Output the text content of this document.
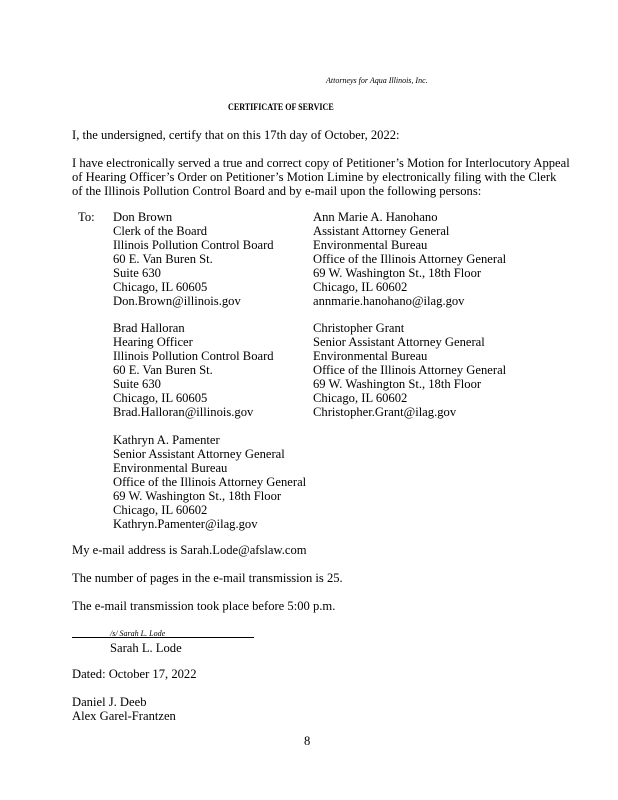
Attorneys for Aqua Illinois, Inc.
CERTIFICATE OF SERVICE
I, the undersigned, certify that on this 17th day of October, 2022:
I have electronically served a true and correct copy of Petitioner’s Motion for Interlocutory Appeal
of Hearing Officer’s Order on Petitioner’s Motion Limine by electronically filing with the Clerk
of the Illinois Pollution Control Board and by e-mail upon the following persons:
To: Don Brown
Clerk of the Board
Illinois Pollution Control Board
60 E. Van Buren St.
Suite 630
Chicago, IL 60605
Don.Brown@illinois.gov
Ann Marie A. Hanohano
Assistant Attorney General
Environmental Bureau
Office of the Illinois Attorney General
69 W. Washington St., 18th Floor
Chicago, IL 60602
annmarie.hanohano@ilag.gov
Brad Halloran
Hearing Officer
Illinois Pollution Control Board
60 E. Van Buren St.
Suite 630
Chicago, IL 60605
Brad.Halloran@illinois.gov
Christopher Grant
Senior Assistant Attorney General
Environmental Bureau
Office of the Illinois Attorney General
69 W. Washington St., 18th Floor
Chicago, IL 60602
Christopher.Grant@ilag.gov
Kathryn A. Pamenter
Senior Assistant Attorney General
Environmental Bureau
Office of the Illinois Attorney General
69 W. Washington St., 18th Floor
Chicago, IL 60602
Kathryn.Pamenter@ilag.gov
My e-mail address is Sarah.Lode@afslaw.com
The number of pages in the e-mail transmission is 25.
The e-mail transmission took place before 5:00 p.m.
/s/ Sarah L. Lode
Sarah L. Lode
Dated: October 17, 2022
Daniel J. Deeb
Alex Garel-Frantzen
8
